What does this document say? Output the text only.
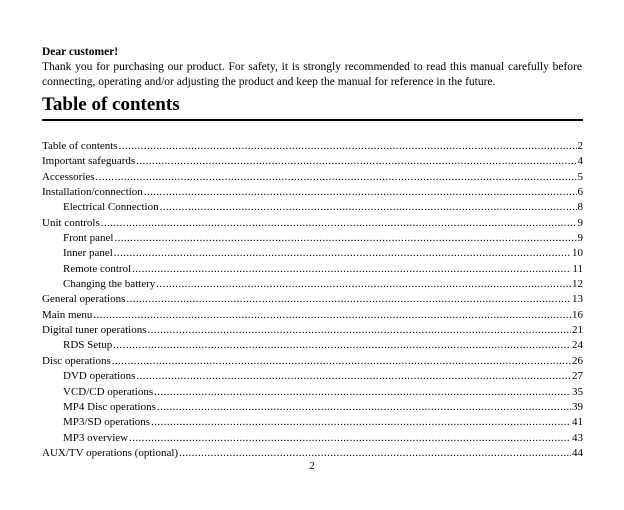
Dear customer!
Thank you for purchasing our product. For safety, it is strongly recommended to read this manual carefully before connecting, operating and/or adjusting the product and keep the manual for reference in the future.
Table of contents
Table of contents .....	2
Important safeguards .....	4
Accessories .....	5
Installation/connection .....	6
Electrical Connection .....	8
Unit controls .....	9
Front panel .....	9
Inner panel .....	10
Remote control .....	11
Changing the battery .....	12
General operations .....	13
Main menu .....	16
Digital tuner operations .....	21
RDS Setup .....	24
Disc operations .....	26
DVD operations .....	27
VCD/CD operations .....	35
MP4 Disc operations .....	39
MP3/SD operations .....	41
MP3 overview .....	43
AUX/TV operations (optional) .....	44
2
